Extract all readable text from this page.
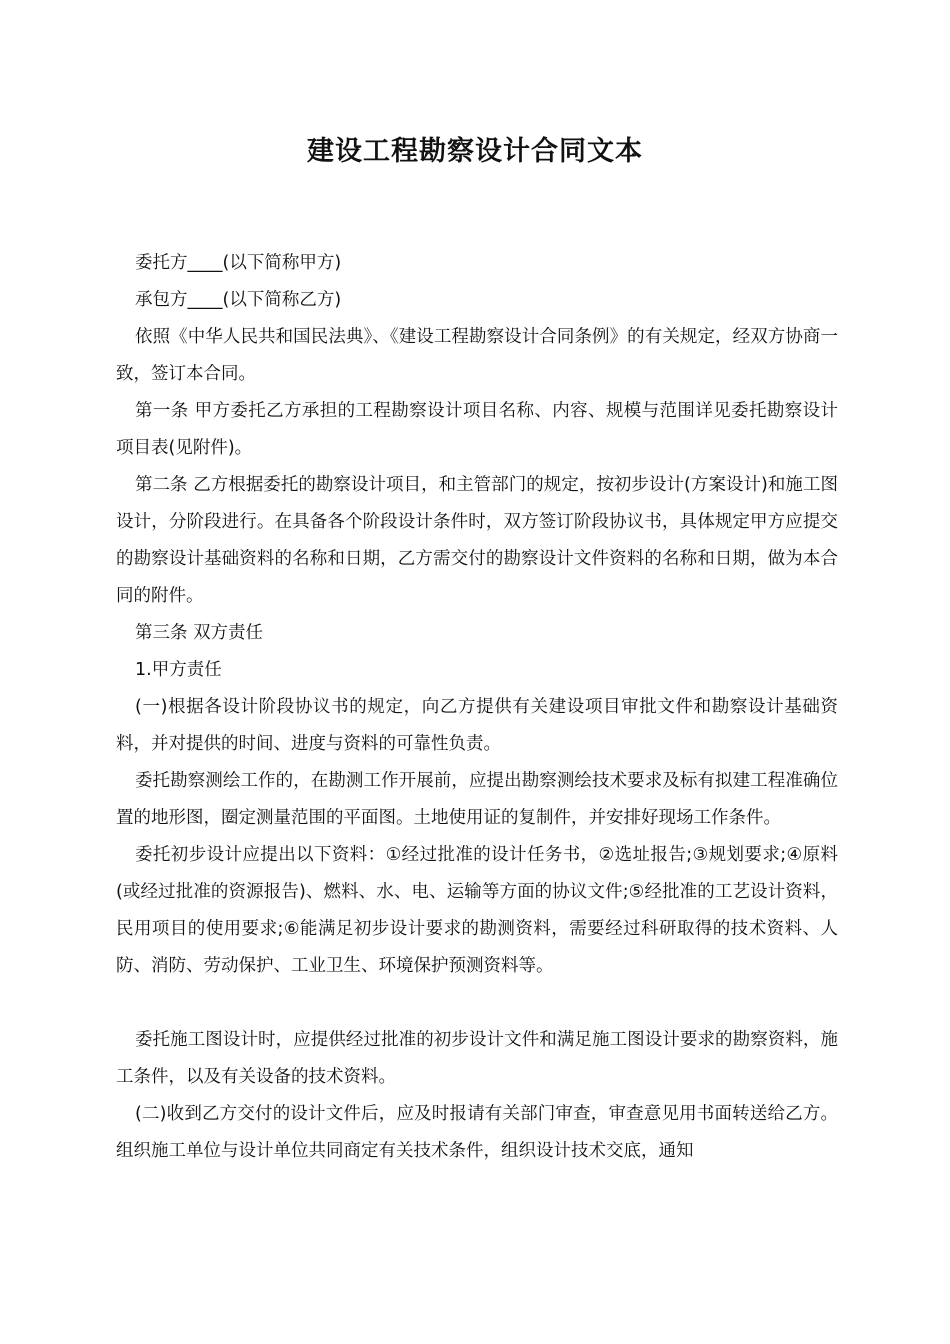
建设工程勘察设计合同文本

委托方____(以下简称甲方)

承包方____(以下简称乙方)

依照《中华人民共和国民法典》、《建设工程勘察设计合同条例》的有关规定，经双方协商一致，签订本合同。

第一条 甲方委托乙方承担的工程勘察设计项目名称、内容、规模与范围详见委托勘察设计项目表(见附件)。

第二条 乙方根据委托的勘察设计项目，和主管部门的规定，按初步设计(方案设计)和施工图设计，分阶段进行。在具备各个阶段设计条件时，双方签订阶段协议书，具体规定甲方应提交的勘察设计基础资料的名称和日期，乙方需交付的勘察设计文件资料的名称和日期，做为本合同的附件。

第三条 双方责任

1.甲方责任

(一)根据各设计阶段协议书的规定，向乙方提供有关建设项目审批文件和勘察设计基础资料，并对提供的时间、进度与资料的可靠性负责。

委托勘察测绘工作的，在勘测工作开展前，应提出勘察测绘技术要求及标有拟建工程准确位置的地形图，圈定测量范围的平面图。土地使用证的复制件，并安排好现场工作条件。

委托初步设计应提出以下资料：①经过批准的设计任务书，②选址报告;③规划要求;④原料(或经过批准的资源报告)、燃料、水、电、运输等方面的协议文件;⑤经批准的工艺设计资料，民用项目的使用要求;⑥能满足初步设计要求的勘测资料，需要经过科研取得的技术资料、人防、消防、劳动保护、工业卫生、环境保护预测资料等。

委托施工图设计时，应提供经过批准的初步设计文件和满足施工图设计要求的勘察资料，施工条件，以及有关设备的技术资料。

(二)收到乙方交付的设计文件后，应及时报请有关部门审查，审查意见用书面转送给乙方。组织施工单位与设计单位共同商定有关技术条件，组织设计技术交底，通知
